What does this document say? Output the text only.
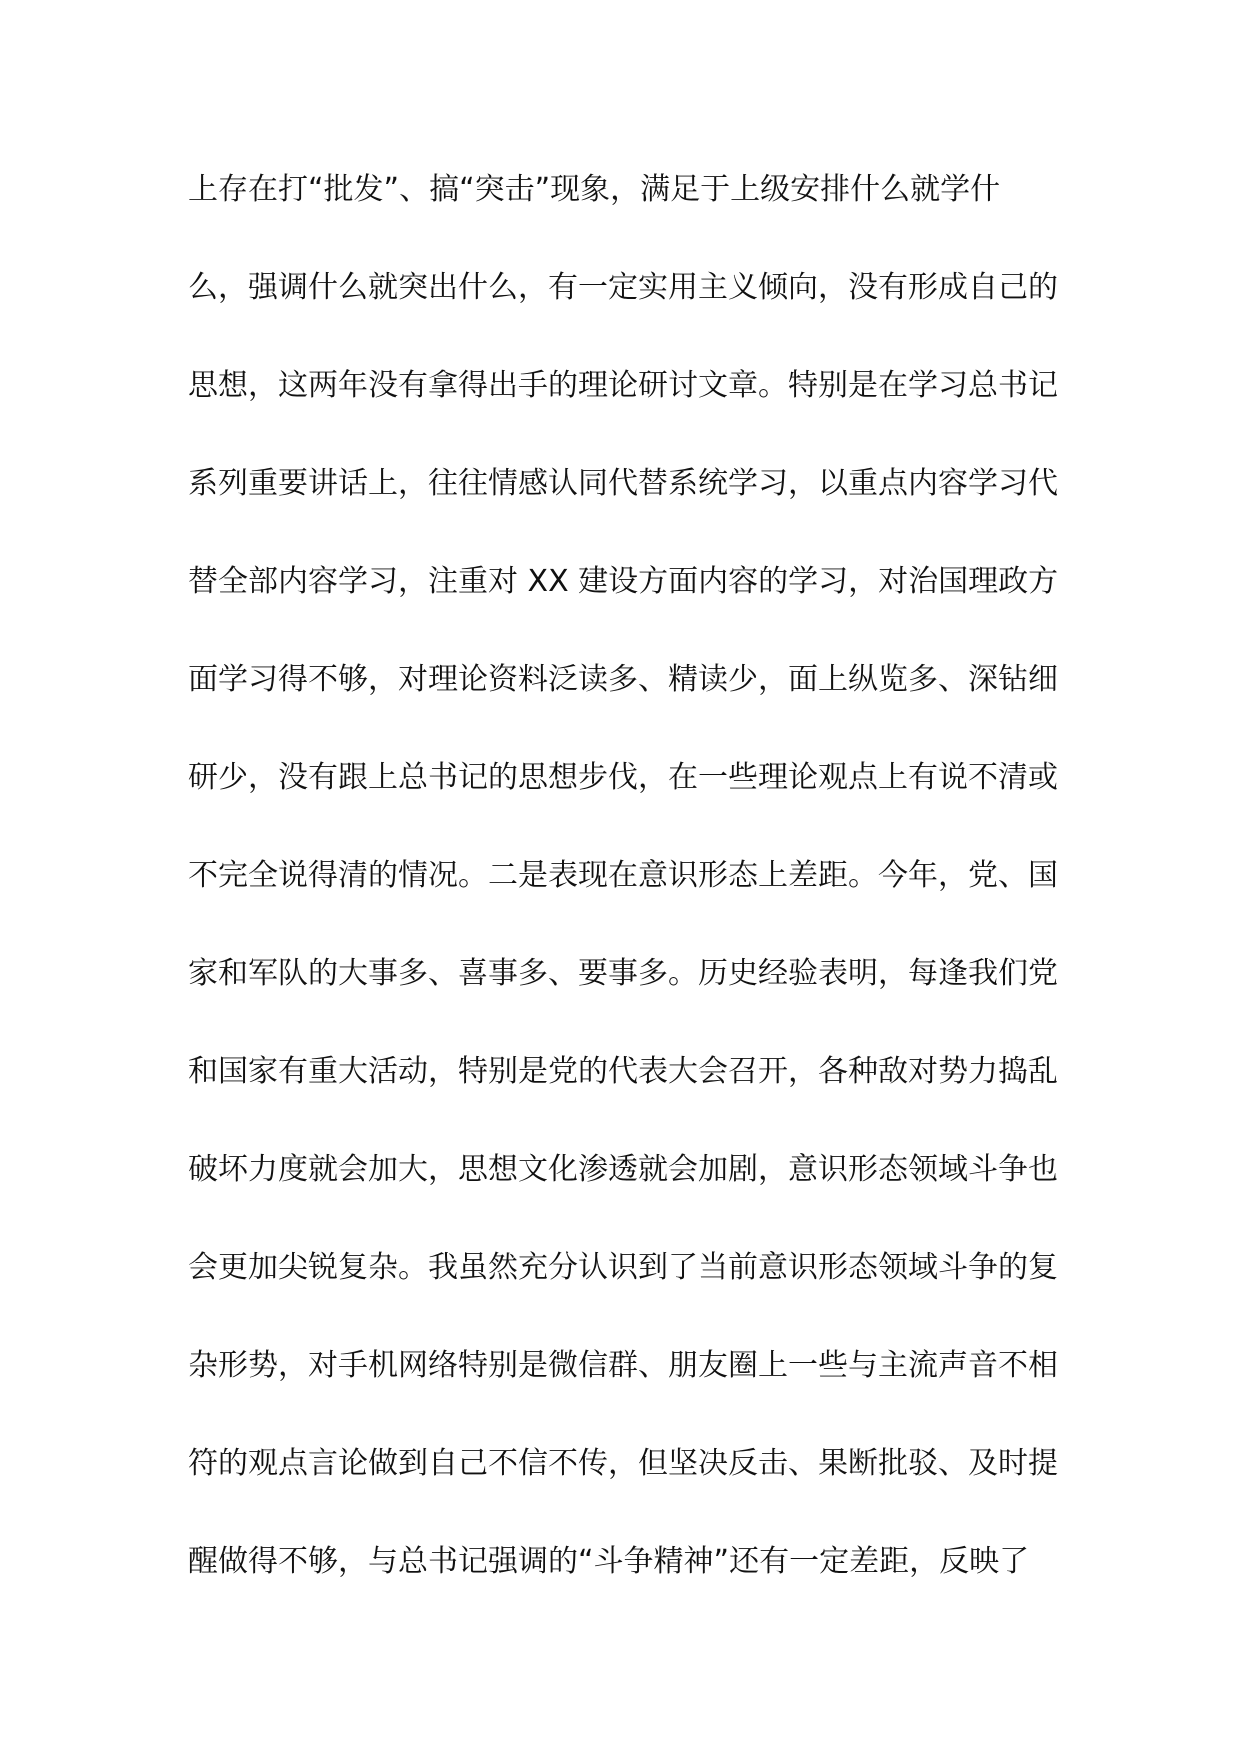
上存在打“批发”、搞“突击”现象，满足于上级安排什么就学什
么，强调什么就突出什么，有一定实用主义倾向，没有形成自己的
思想，这两年没有拿得出手的理论研讨文章。特别是在学习总书记
系列重要讲话上，往往情感认同代替系统学习，以重点内容学习代
替全部内容学习，注重对 XX 建设方面内容的学习，对治国理政方
面学习得不够，对理论资料泛读多、精读少，面上纵览多、深钻细
研少，没有跟上总书记的思想步伐，在一些理论观点上有说不清或
不完全说得清的情况。二是表现在意识形态上差距。今年，党、国
家和军队的大事多、喜事多、要事多。历史经验表明，每逢我们党
和国家有重大活动，特别是党的代表大会召开，各种敌对势力捣乱
破坏力度就会加大，思想文化渗透就会加剧，意识形态领域斗争也
会更加尖锐复杂。我虽然充分认识到了当前意识形态领域斗争的复
杂形势，对手机网络特别是微信群、朋友圈上一些与主流声音不相
符的观点言论做到自己不信不传，但坚决反击、果断批驳、及时提
醒做得不够，与总书记强调的“斗争精神”还有一定差距，反映了
